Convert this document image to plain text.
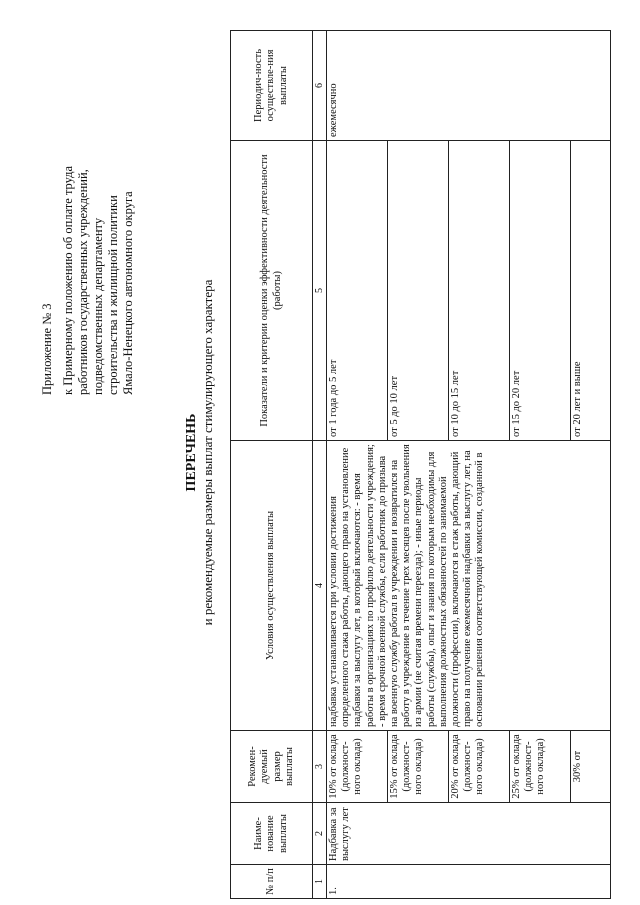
Приложение № 3 к Примерному положению об оплате труда работников государственных учреждений, подведомственных департаменту строительства и жилищной политики Ямало-Ненецкого автономного округа
ПЕРЕЧЕНЬ и рекомендуемые размеры выплат стимулирующего характера
№ п/п	Наиме-нование выплаты	Рекомен-дуемый размер выплаты	Условия осуществления выплаты	Показатели и критерии оценки эффективности деятельности (работы)	Периодич-ность осуществле-ния выплаты
1	2	3	4	5	6
1.	Надбавка за выслугу лет	10% от оклада (должност-ного оклада)	надбавка устанавливается при условии достижения определенного стажа работы, дающего право на установление надбавки за выслугу лет, в который включаются: - время работы в организациях по профилю деятельности учреждения; - время срочной военной службы, если работник до призыва на военную службу работал в учреждении и возвратился на работу в учреждение в течение трех месяцев после увольнения из армии (не считая времени переезда); - иные периоды работы (службы), опыт и знания по которым необходимы для выполнения должностных обязанностей по занимаемой должности (профессии), включаются в стаж работы, дающий право на получение ежемесячной надбавки за выслугу лет, на основании решения соответствующей комиссии, созданной в	от 1 года до 5 лет	ежемесячно
		15% от оклада (должност-ного оклада)		от 5 до 10 лет	
		20% от оклада (должност-ного оклада)		от 10 до 15 лет	
		25% от оклада (должност-ного оклада)		от 15 до 20 лет	
		30% от		от 20 лет и выше	
